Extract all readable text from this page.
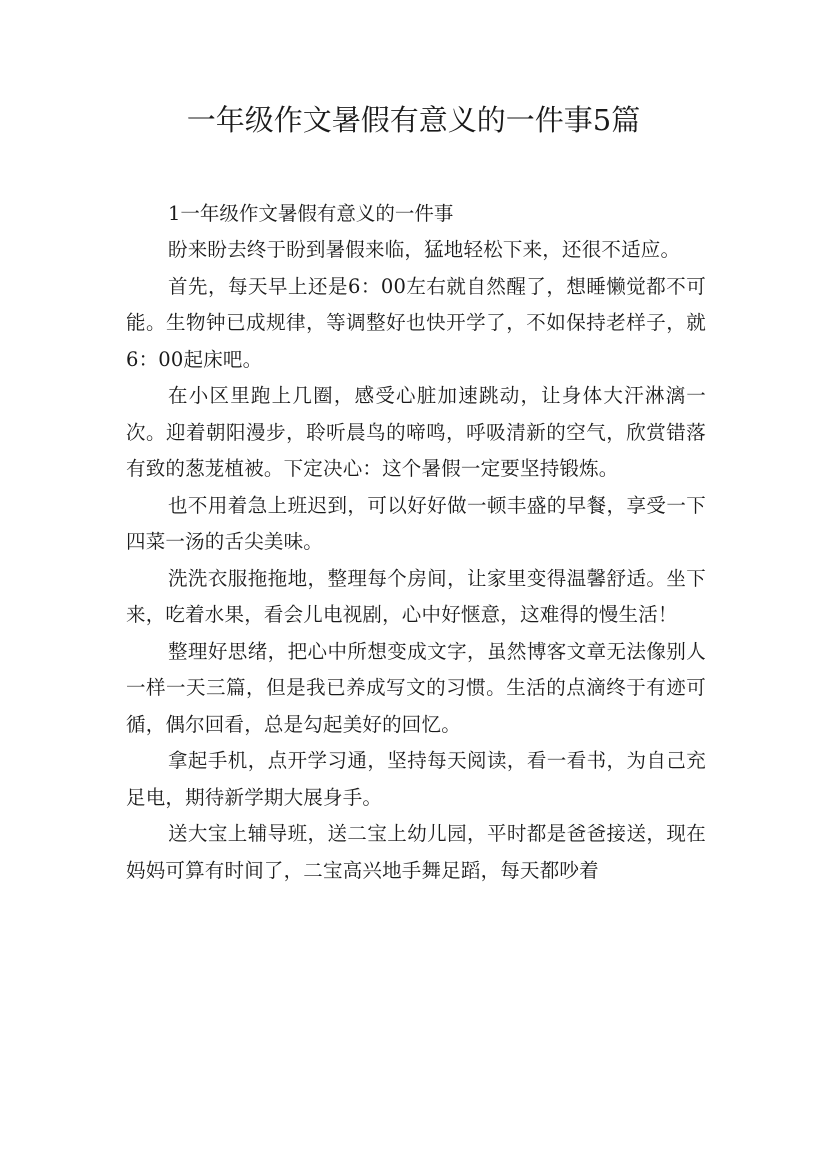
一年级作文暑假有意义的一件事5篇

1一年级作文暑假有意义的一件事

盼来盼去终于盼到暑假来临，猛地轻松下来，还很不适应。

首先，每天早上还是6：00左右就自然醒了，想睡懒觉都不可能。生物钟已成规律，等调整好也快开学了，不如保持老样子，就6：00起床吧。

在小区里跑上几圈，感受心脏加速跳动，让身体大汗淋漓一次。迎着朝阳漫步，聆听晨鸟的啼鸣，呼吸清新的空气，欣赏错落有致的葱茏植被。下定决心：这个暑假一定要坚持锻炼。

也不用着急上班迟到，可以好好做一顿丰盛的早餐，享受一下四菜一汤的舌尖美味。

洗洗衣服拖拖地，整理每个房间，让家里变得温馨舒适。坐下来，吃着水果，看会儿电视剧，心中好惬意，这难得的慢生活！

整理好思绪，把心中所想变成文字，虽然博客文章无法像别人一样一天三篇，但是我已养成写文的习惯。生活的点滴终于有迹可循，偶尔回看，总是勾起美好的回忆。

拿起手机，点开学习通，坚持每天阅读，看一看书，为自己充足电，期待新学期大展身手。

送大宝上辅导班，送二宝上幼儿园，平时都是爸爸接送，现在妈妈可算有时间了，二宝高兴地手舞足蹈，每天都吵着
